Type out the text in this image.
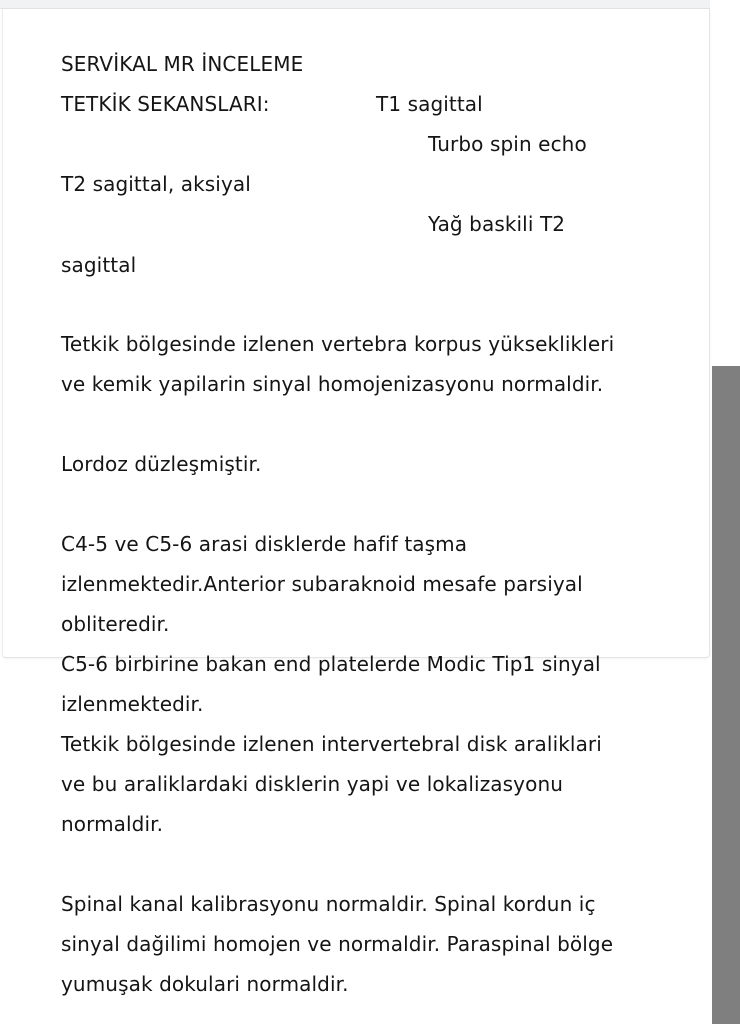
SERVİKAL MR İNCELEME
TETKİK SEKANSLARI:	T1 sagittal
Turbo spin echo
T2 sagittal, aksiyal
Yağ baskili T2
sagittal
Tetkik bölgesinde izlenen vertebra korpus yükseklikleri
ve kemik yapilarin sinyal homojenizasyonu normaldir.
Lordoz düzleşmiştir.
C4-5 ve C5-6 arasi disklerde hafif taşma
izlenmektedir.Anterior subaraknoid mesafe parsiyal
obliteredir.
C5-6 birbirine bakan end platelerde Modic Tip1 sinyal
izlenmektedir.
Tetkik bölgesinde izlenen intervertebral disk araliklari
ve bu araliklardaki disklerin yapi ve lokalizasyonu
normaldir.
Spinal kanal kalibrasyonu normaldir. Spinal kordun iç
sinyal dağilimi homojen ve normaldir. Paraspinal bölge
yumuşak dokulari normaldir.
